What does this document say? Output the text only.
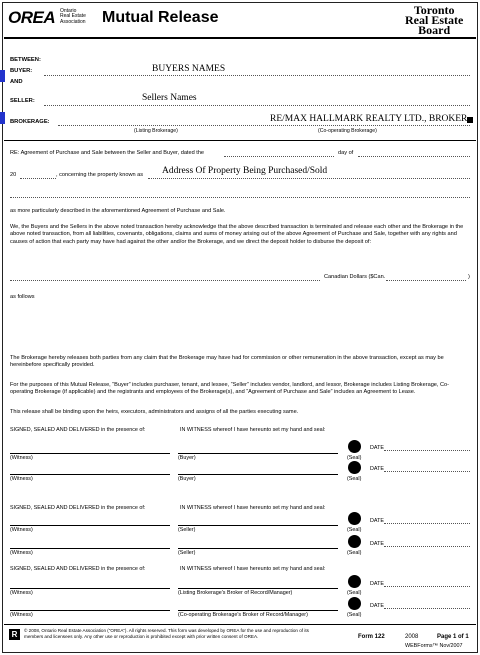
OREA Ontario
Real Estate
Association Mutual Release	Toronto
Real Estate
Board
BETWEEN:
BUYER:	BUYERS NAMES
AND
SELLER:	Sellers Names
BROKERAGE:	RE/MAX HALLMARK REALTY LTD., BROKER
(Listing Brokerage)	(Co-operating Brokerage)
RE: Agreement of Purchase and Sale between the Seller and Buyer, dated the	day of
20	, concerning the property known as Address Of Property Being Purchased/Sold
as more particularly described in the aforementioned Agreement of Purchase and Sale.
We, the Buyers and the Sellers in the above noted transaction hereby acknowledge that the above described transaction is terminated and release each other and the Brokerage in the above noted transaction, from all liabilities, covenants, obligations, claims and sums of money arising out of the above Agreement of Purchase and Sale, together with any rights and causes of action that each party may have had against the other and/or the Brokerage, and we direct the deposit holder to disburse the deposit of:
Canadian Dollars ($Can.	)
as follows
The Brokerage hereby releases both parties from any claim that the Brokerage may have had for commission or other remuneration in the above transaction, except as may be hereinbefore specifically provided.
For the purposes of this Mutual Release, “Buyer” includes purchaser, tenant, and lessee, “Seller” includes vendor, landlord, and lessor, Brokerage includes Listing Brokerage, Co-operating Brokerage (if applicable) and the registrants and employees of the Brokerage(s), and “Agreement of Purchase and Sale” includes an Agreement to Lease.
This release shall be binding upon the heirs, executors, administrators and assigns of all the parties executing same.
SIGNED, SEALED AND DELIVERED in the presence of:	IN WITNESS whereof I have hereunto set my hand and seal:
(Witness)	(Buyer)	(Seal)
DATE
(Witness)	(Buyer)	(Seal)
DATE
SIGNED, SEALED AND DELIVERED in the presence of:	IN WITNESS whereof I have hereunto set my hand and seal:
(Witness)	(Seller)	(Seal)
DATE
(Witness)	(Seller)	(Seal)
DATE
SIGNED, SEALED AND DELIVERED in the presence of:	IN WITNESS whereof I have hereunto set my hand and seal:
(Witness)	(Listing Brokerage's Broker of Record/Manager)	(Seal)
DATE
(Witness)	(Co-operating Brokerage's Broker of Record/Manager)	(Seal)
DATE
R	© 2008, Ontario Real Estate Association (“OREA”). All rights reserved. This form was developed by OREA for the use and reproduction of its members and licensees only. Any other use or reproduction is prohibited except with prior written consent of OREA.	Form 122	2008	Page 1 of 1
WEBForms™ Nov/2007
